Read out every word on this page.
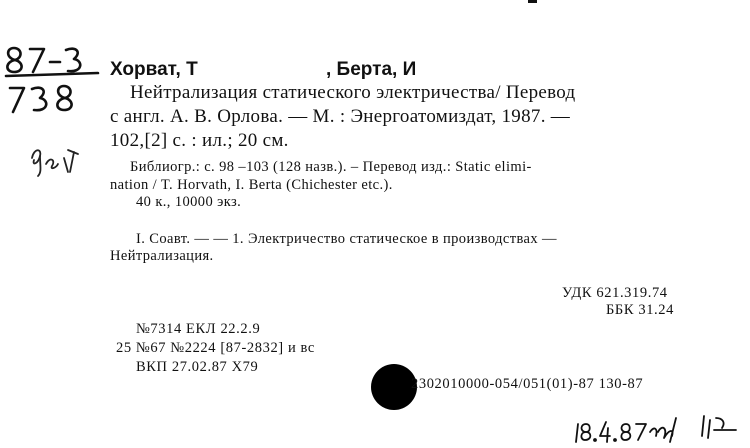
Хорват, Т	, Берта, И
Нейтрализация статического электричества/ Перевод
с англ. А. В. Орлова. — М. : Энергоатомиздат, 1987. —
102,[2] с. : ил.; 20 см.
Библиогр.: с. 98 –103 (128 назв.). – Перевод изд.: Static elimi-
nation / T. Horvath, I. Berta (Chichester etc.).
40 к., 10000 экз.
I. Соавт. — — 1. Электричество статическое в производствах —
Нейтрализация.
УДК 621.319.74
ББК 31.24
№7314 ЕКЛ 22.2.9
25 №67 №2224 [87-2832] и вс
ВКП 27.02.87 Х79
2302010000-054/051(01)-87 130-87
